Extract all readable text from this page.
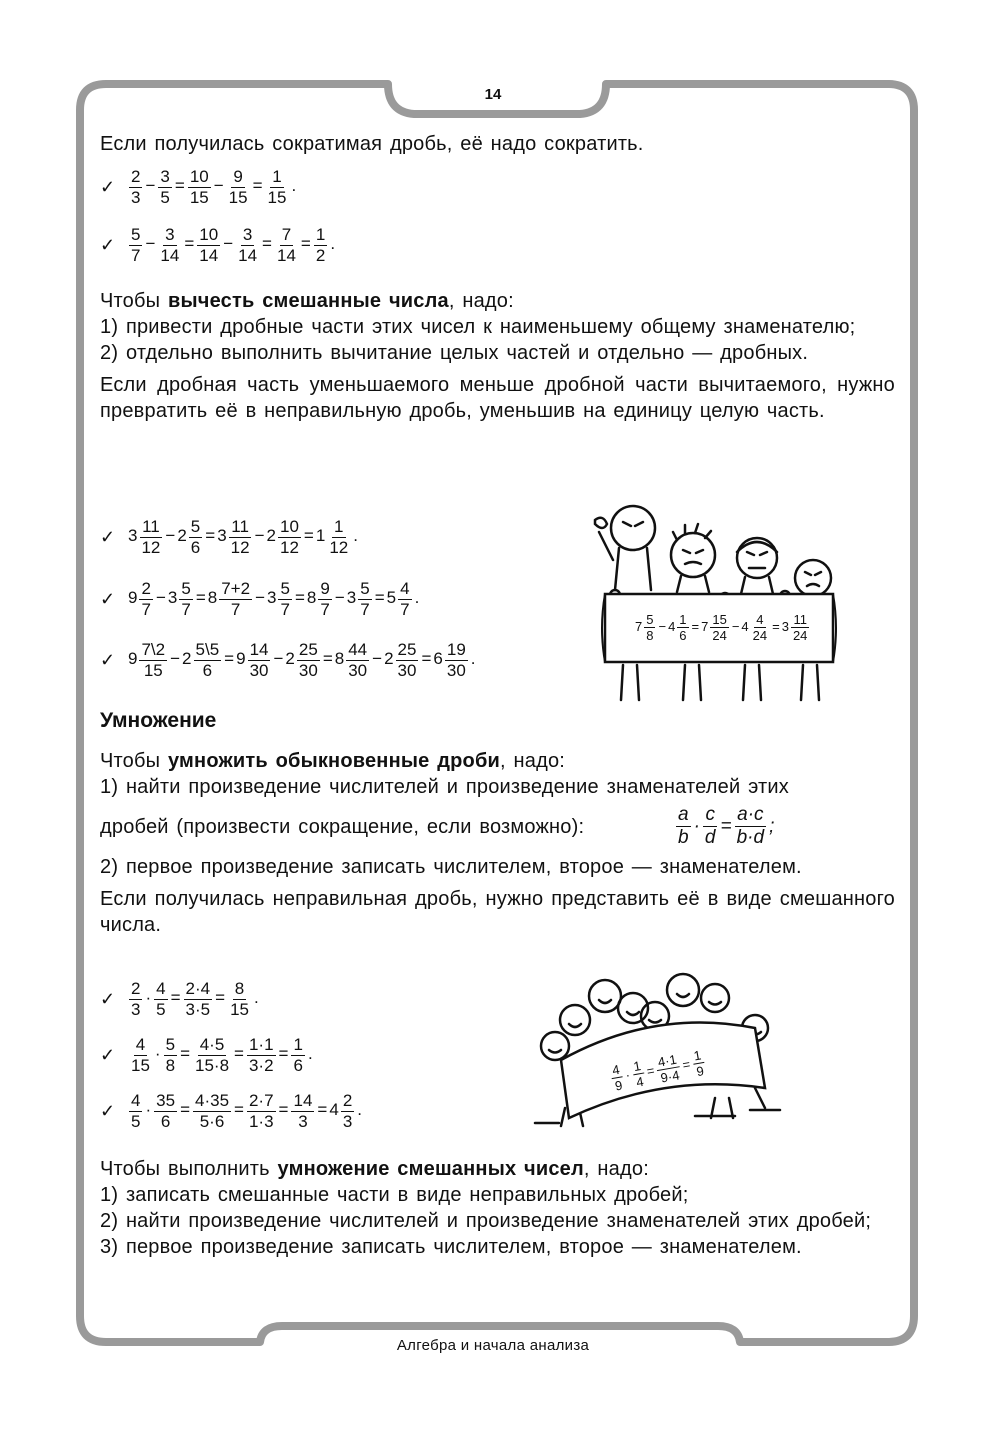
14

Если получилась сократимая дробь, её надо сократить.

✓ $\frac{2}{3} - \frac{3}{5} = \frac{10}{15} - \frac{9}{15} = \frac{1}{15}$ .
✓ $\frac{5}{7} - \frac{3}{14} = \frac{10}{14} - \frac{3}{14} = \frac{7}{14} = \frac{1}{2}$ .

Чтобы вычесть смешанные числа, надо:

1) привести дробные части этих чисел к наименьшему общему знаменателю;

2) отдельно выполнить вычитание целых частей и отдельно — дробных.

Если дробная часть уменьшаемого меньше дробной части вычитаемого, нужно превратить её в неправильную дробь, уменьшив на единицу целую часть.

✓ $3 \frac{11}{12} - 2 \frac{5}{6} = 3 \frac{11}{12} - 2 \frac{10}{12} = 1 \frac{1}{12}$ .
✓ $9 \frac{2}{7} - 3 \frac{5}{7} = 8 \frac{7+2}{7} - 3 \frac{5}{7} = 8 \frac{9}{7} - 3 \frac{5}{7} = 5 \frac{4}{7}$ .
✓ $9 \frac{7\backslash 2}{15} - 2 \frac{5\backslash 5}{6} = 9 \frac{14}{30} - 2 \frac{25}{30} = 8 \frac{44}{30} - 2 \frac{25}{30} = 6 \frac{19}{30}$ .
$7 \frac{5}{8} - 4 \frac{1}{6} = 7 \frac{15}{24} - 4 \frac{4}{24} = 3 \frac{11}{24}$
Умножение

Чтобы умножить обыкновенные дроби, надо:

1) найти произведение числителей и произведение знаменателей этих

дробей (произвести сокращение, если возможно):

2) первое произведение записать числителем, второе — знаменателем.

Если получилась неправильная дробь, нужно представить её в виде смешанного числа.

$\frac{a}{b} \cdot \frac{c}{d} = \frac{a\cdot c}{b\cdot d}$ ;
✓ $\frac{2}{3} \cdot \frac{4}{5} = \frac{2\cdot 4}{3\cdot 5} = \frac{8}{15}$ .
✓ $\frac{4}{15} \cdot \frac{5}{8} = \frac{4\cdot 5}{15\cdot 8} = \frac{1\cdot 1}{3\cdot 2} = \frac{1}{6}$ .
✓ $\frac{4}{5} \cdot \frac{35}{6} = \frac{4\cdot 35}{5\cdot 6} = \frac{2\cdot 7}{1\cdot 3} = \frac{14}{3} = 4 \frac{2}{3}$ .
$\frac{4}{9}$
· $\frac{1}{4}$
= $\frac{4\cdot 1}{9\cdot 4}$
= $\frac{1}{9}$

Чтобы выполнить умножение смешанных чисел, надо:

1) записать смешанные части в виде неправильных дробей;

2) найти произведение числителей и произведение знаменателей этих дробей;

3) первое произведение записать числителем, второе — знаменателем.

Алгебра и начала анализа
